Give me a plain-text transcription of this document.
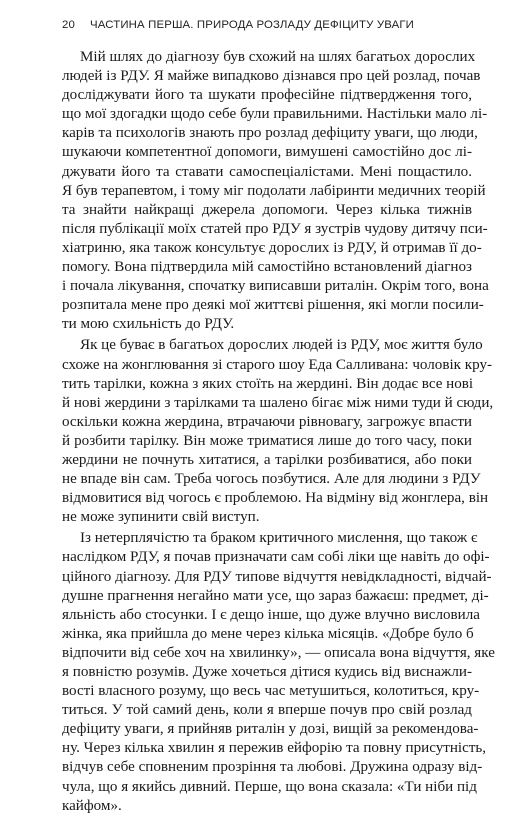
20	ЧАСТИНА ПЕРША. ПРИРОДА РОЗЛАДУ ДЕФІЦИТУ УВАГИ
Мій шлях до діагнозу був схожий на шлях багатьох дорослих
людей із РДУ. Я майже випадково дізнався про цей розлад, почав
досліджувати його та шукати професійне підтвердження того,
що мої здогадки щодо себе були правильними. Настільки мало лі-
карів та психологів знають про розлад дефіциту уваги, що люди,
шукаючи компетентної допомоги, вимушені самостійно дос лі-
джувати його та ставати самоспеціалістами. Мені пощастило.
Я був терапевтом, і тому міг подолати лабіринти медичних теорій
та знайти найкращі джерела допомоги. Через кілька тижнів
після публікації моїх статей про РДУ я зустрів чудову дитячу пси-
хіатриню, яка також консультує дорослих із РДУ, й отримав її до-
помогу. Вона підтвердила мій самостійно встановлений діагноз
і почала лікування, спочатку виписавши риталін. Окрім того, вона
розпитала мене про деякі мої життєві рішення, які могли посили-
ти мою схильність до РДУ.
Як це буває в багатьох дорослих людей із РДУ, моє життя було
схоже на жонглювання зі старого шоу Еда Салливана: чоловік кру-
тить тарілки, кожна з яких стоїть на жердині. Він додає все нові
й нові жердини з тарілками та шалено бігає між ними туди й сюди,
оскільки кожна жердина, втрачаючи рівновагу, загрожує впасти
й розбити тарілку. Він може триматися лише до того часу, поки
жердини не почнуть хитатися, а тарілки розбиватися, або поки
не впаде він сам. Треба чогось позбутися. Але для людини з РДУ
відмовитися від чогось є проблемою. На відміну від жонглера, він
не може зупинити свій виступ.
Із нетерплячістю та браком критичного мислення, що також є
наслідком РДУ, я почав призначати сам собі ліки ще навіть до офі-
ційного діагнозу. Для РДУ типове відчуття невідкладності, відчай-
душне прагнення негайно мати усе, що зараз бажаєш: предмет, ді-
яльність або стосунки. І є дещо інше, що дуже влучно висловила
жінка, яка прийшла до мене через кілька місяців. «Добре було б
відпочити від себе хоч на хвилинку», — описала вона відчуття, яке
я повністю розумів. Дуже хочеться дітися кудись від виснажли-
вості власного розуму, що весь час метушиться, колотиться, кру-
титься. У той самий день, коли я вперше почув про свій розлад
дефіциту уваги, я прийняв риталін у дозі, вищій за рекомендова-
ну. Через кілька хвилин я пережив ейфорію та повну присутність,
відчув себе сповненим прозріння та любові. Дружина одразу від-
чула, що я якийсь дивний. Перше, що вона сказала: «Ти ніби під
кайфом».
